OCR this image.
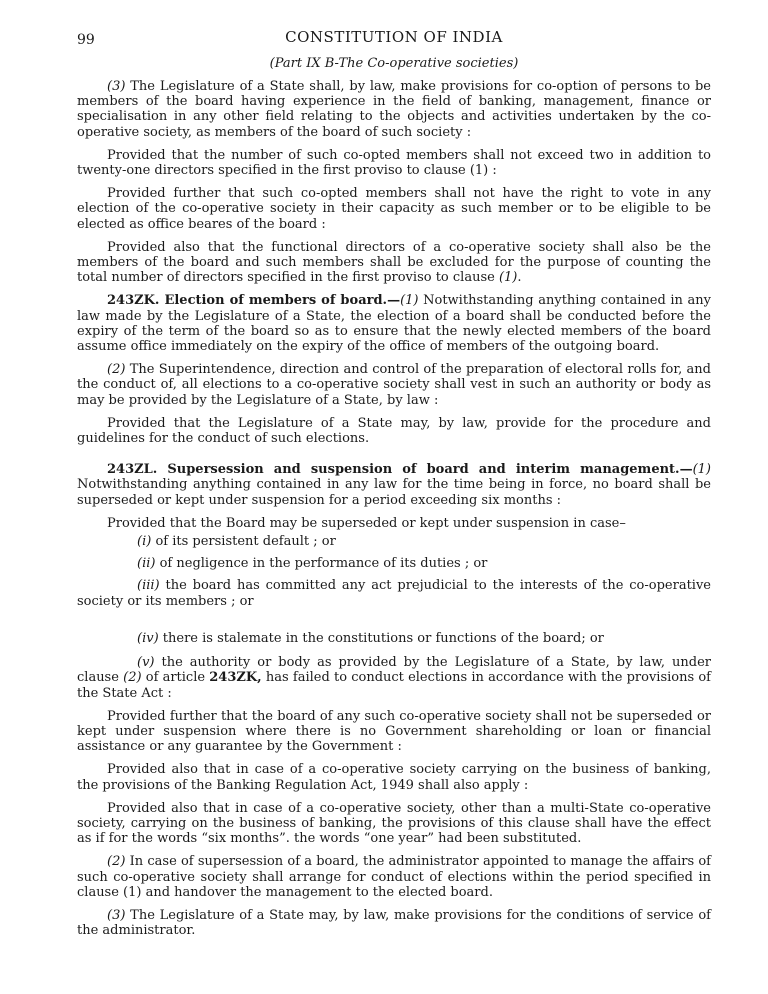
99	CONSTITUTION OF INDIA
(Part IX B-The Co-operative societies)

(3) The Legislature of a State shall, by law, make provisions for co-option of persons to be members of the board having experience in the field of banking, management, finance or specialisation in any other field relating to the objects and activities undertaken by the co-operative society, as members of the board of such society :

Provided that the number of such co-opted members shall not exceed two in addition to twenty-one directors specified in the first proviso to clause (1) :

Provided further that such co-opted members shall not have the right to vote in any election of the co-operative society in their capacity as such member or to be eligible to be elected as office beares of the board :

Provided also that the functional directors of a co-operative society shall also be the members of the board and such members shall be excluded for the purpose of counting the total number of directors specified in the first proviso to clause (1).

243ZK. Election of members of board.—(1) Notwithstanding anything contained in any law made by the Legislature of a State, the election of a board shall be conducted before the expiry of the term of the board so as to ensure that the newly elected members of the board assume office immediately on the expiry of the office of members of the outgoing board.

(2) The Superintendence, direction and control of the preparation of electoral rolls for, and the conduct of, all elections to a co-operative society shall vest in such an authority or body as may be provided by the Legislature of a State, by law :

Provided that the Legislature of a State may, by law, provide for the procedure and guidelines for the conduct of such elections.

243ZL. Supersession and suspension of board and interim management.—(1) Notwithstanding anything contained in any law for the time being in force, no board shall be superseded or kept under suspension for a period exceeding six months :

Provided that the Board may be superseded or kept under suspension in case–

(i) of its persistent default ; or

(ii) of negligence in the performance of its duties ; or

(iii) the board has committed any act prejudicial to the interests of the co-operative society or its members ; or

(iv) there is stalemate in the constitutions or functions of the board; or

(v) the authority or body as provided by the Legislature of a State, by law, under clause (2) of article 243ZK, has failed to conduct elections in accordance with the provisions of the State Act :

Provided further that the board of any such co-operative society shall not be superseded or kept under suspension where there is no Government shareholding or loan or financial assistance or any guarantee by the Government :

Provided also that in case of a co-operative society carrying on the business of banking, the provisions of the Banking Regulation Act, 1949 shall also apply :

Provided also that in case of a co-operative society, other than a multi-State co-operative society, carrying on the business of banking, the provisions of this clause shall have the effect as if for the words “six months”. the words “one year” had been substituted.

(2) In case of supersession of a board, the administrator appointed to manage the affairs of such co-operative society shall arrange for conduct of elections within the period specified in clause (1) and handover the management to the elected board.

(3) The Legislature of a State may, by law, make provisions for the conditions of service of the administrator.
